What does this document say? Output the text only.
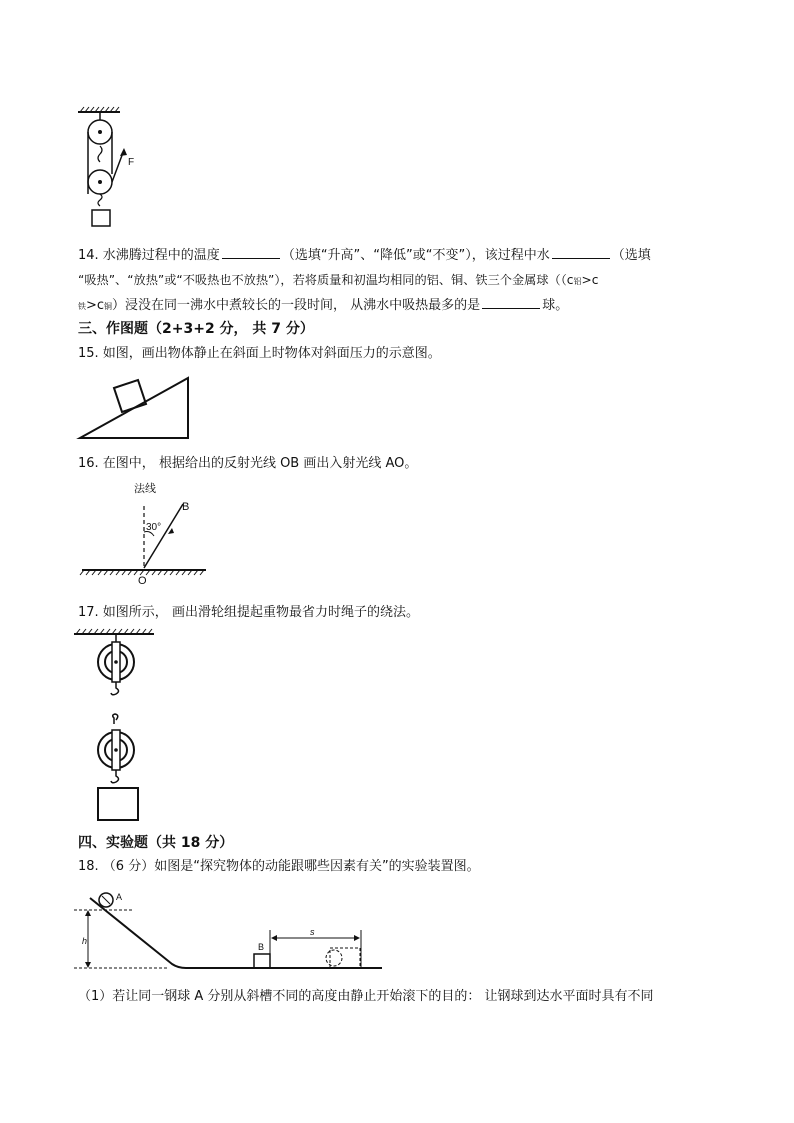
F
14. 水沸腾过程中的温度	（选填“升高”、“降低”或“不变”），该过程中水	（选填
“吸热”、“放热”或“不吸热也不放热”），若将质量和初温均相同的铝、铜、铁三个金属球（（c铝>c
铁>c铜）浸没在同一沸水中煮较长的一段时间， 从沸水中吸热最多的是	球。
三、作图题（2+3+2 分， 共 7 分）
15. 如图，画出物体静止在斜面上时物体对斜面压力的示意图。
16. 在图中， 根据给出的反射光线 OB 画出入射光线 AO。
法线
B
30°
O
17. 如图所示， 画出滑轮组提起重物最省力时绳子的绕法。
四、实验题（共 18 分）
18. （6 分）如图是“探究物体的动能跟哪些因素有关”的实验装置图。
A
h
B
s
（1）若让同一钢球 A 分别从斜槽不同的高度由静止开始滚下的目的： 让钢球到达水平面时具有不同
